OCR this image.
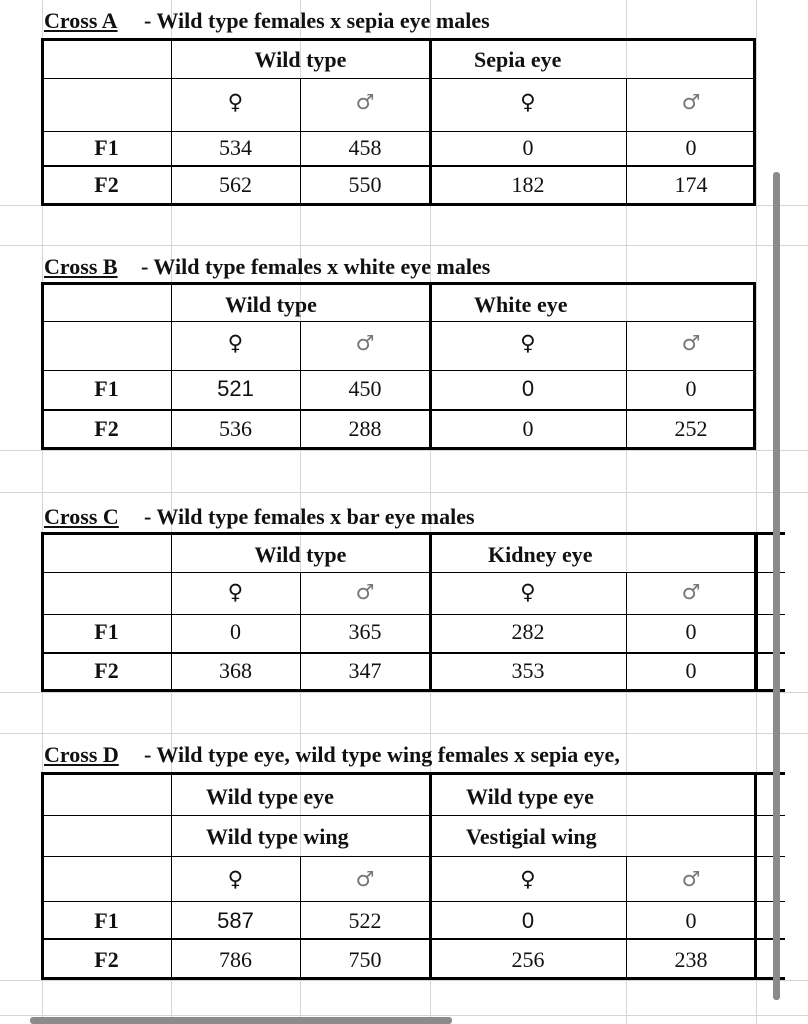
Cross A - Wild type females x sepia eye males
Wild type	Sepia eye
♀	♂	♀	♂
F1	534	458	0	0
F2	562	550	182	174
Cross B - Wild type females x white eye males
Wild type	White eye
♀	♂	♀	♂
F1	521	450	0	0
F2	536	288	0	252
Cross C - Wild type females x bar eye males
Wild type	Kidney eye
♀	♂	♀	♂
F1	0	365	282	0
F2	368	347	353	0
Cross D - Wild type eye, wild type wing females x sepia eye,
Wild type eye	Wild type eye
Wild type wing	Vestigial wing
♀	♂	♀	♂
F1	587	522	0	0
F2	786	750	256	238
